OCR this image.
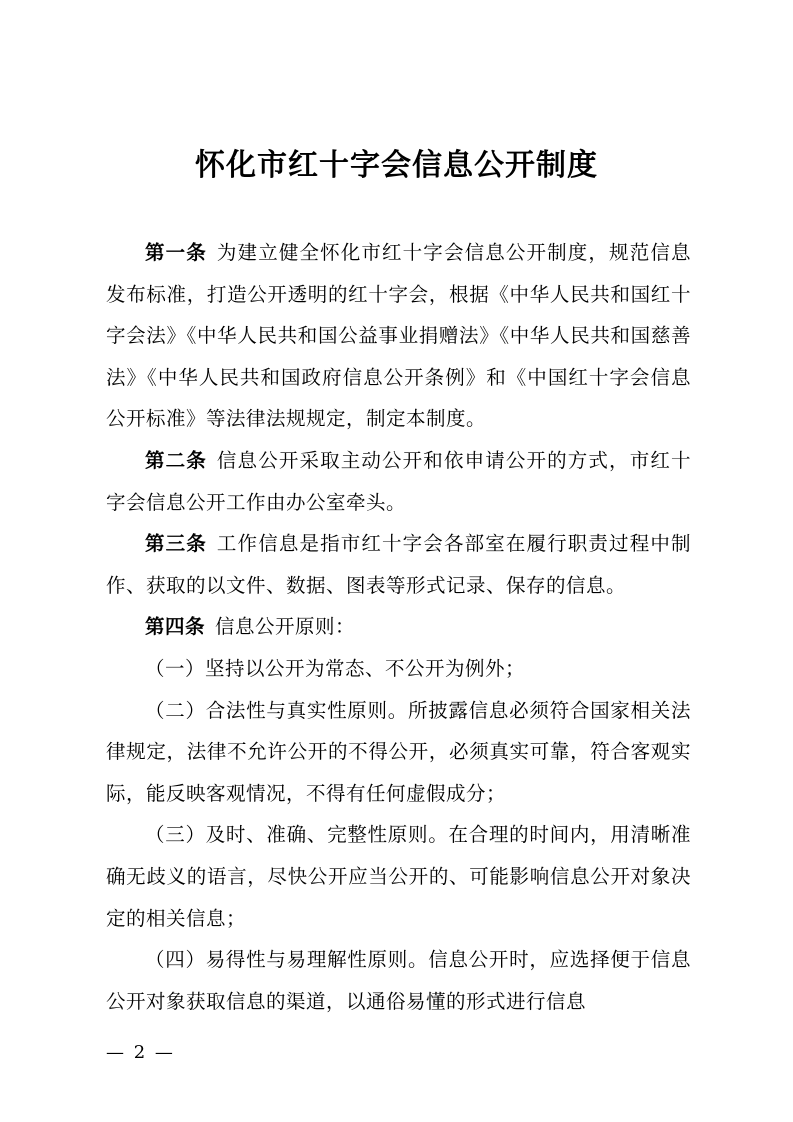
怀化市红十字会信息公开制度

第一条 为建立健全怀化市红十字会信息公开制度，规范信息发布标准，打造公开透明的红十字会，根据《中华人民共和国红十字会法》《中华人民共和国公益事业捐赠法》《中华人民共和国慈善法》《中华人民共和国政府信息公开条例》和《中国红十字会信息公开标准》等法律法规规定，制定本制度。

第二条 信息公开采取主动公开和依申请公开的方式，市红十字会信息公开工作由办公室牵头。

第三条 工作信息是指市红十字会各部室在履行职责过程中制作、获取的以文件、数据、图表等形式记录、保存的信息。

第四条 信息公开原则：

（一）坚持以公开为常态、不公开为例外；

（二）合法性与真实性原则。所披露信息必须符合国家相关法律规定，法律不允许公开的不得公开，必须真实可靠，符合客观实际，能反映客观情况，不得有任何虚假成分；

（三）及时、准确、完整性原则。在合理的时间内，用清晰准确无歧义的语言，尽快公开应当公开的、可能影响信息公开对象决定的相关信息；

（四）易得性与易理解性原则。信息公开时，应选择便于信息公开对象获取信息的渠道，以通俗易懂的形式进行信息

— 2 —
